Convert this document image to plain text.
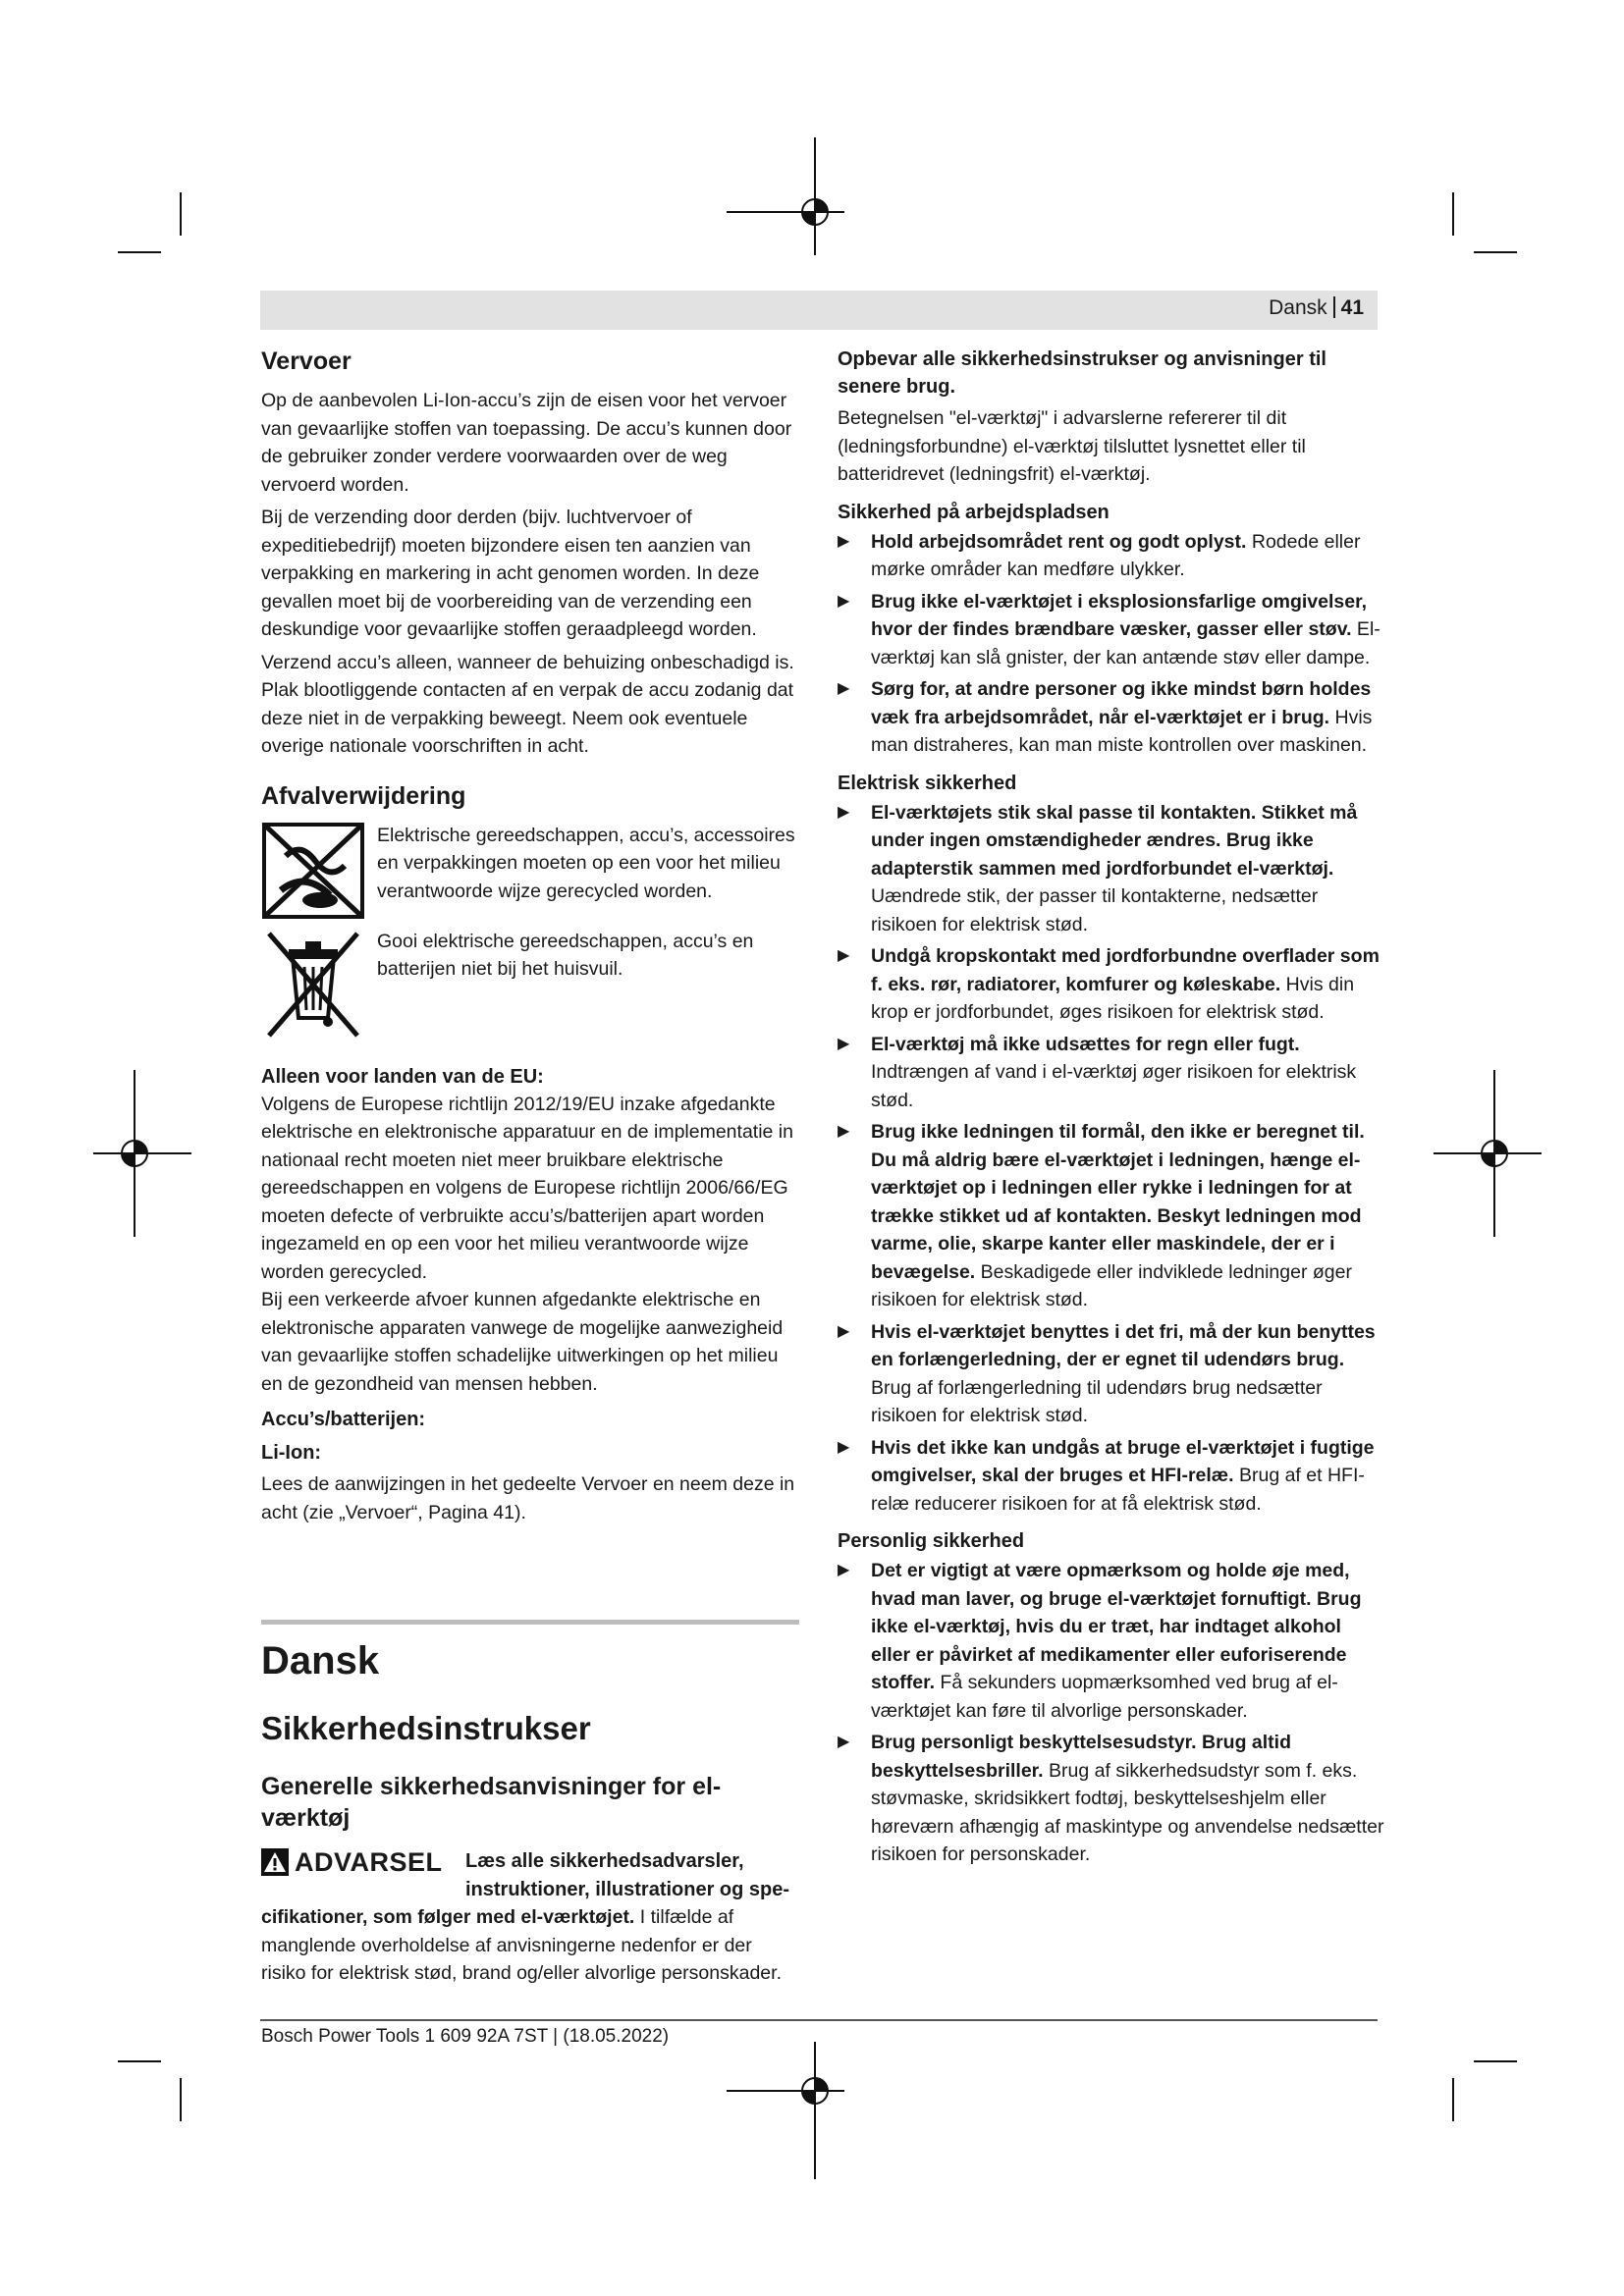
Dansk 41
Vervoer

Op de aanbevolen Li-Ion-accu’s zijn de eisen voor het vervoer van gevaarlijke stoffen van toepassing. De accu’s kunnen door de gebruiker zonder verdere voorwaarden over de weg vervoerd worden.

Bij de verzending door derden (bijv. luchtvervoer of expeditiebedrijf) moeten bijzondere eisen ten aanzien van verpakking en markering in acht genomen worden. In deze gevallen moet bij de voorbereiding van de verzending een deskundige voor gevaarlijke stoffen geraadpleegd worden.

Verzend accu’s alleen, wanneer de behuizing onbeschadigd is. Plak blootliggende contacten af en verpak de accu zodanig dat deze niet in de verpakking beweegt. Neem ook eventuele overige nationale voorschriften in acht.

Afvalverwijdering
Elektrische gereedschappen, accu’s, accessoires en verpakkingen moeten op een voor het milieu verantwoorde wijze gerecycled worden.
Gooi elektrische gereedschappen, accu’s en batterijen niet bij het huisvuil.
Alleen voor landen van de EU:

Volgens de Europese richtlijn 2012/19/EU inzake afgedankte elektrische en elektronische apparatuur en de implementatie in nationaal recht moeten niet meer bruikbare elektrische gereedschappen en volgens de Europese richtlijn 2006/66/EG moeten defecte of verbruikte accu’s/batterijen apart worden ingezameld en op een voor het milieu verantwoorde wijze worden gerecycled.

Bij een verkeerde afvoer kunnen afgedankte elektrische en elektronische apparaten vanwege de mogelijke aanwezigheid van gevaarlijke stoffen schadelijke uitwerkingen op het milieu en de gezondheid van mensen hebben.

Accu’s/batterijen:
Li-Ion:

Lees de aanwijzingen in het gedeelte Vervoer en neem deze in acht (zie „Vervoer“, Pagina 41).

Dansk
Sikkerhedsinstrukser
Generelle sikkerhedsanvisninger for el-værktøj
ADVARSEL Læs alle sikkerhedsadvarsler, instruktioner, illustrationer og spe-

cifikationer, som følger med el-værktøjet. I tilfælde af manglende overholdelse af anvisningerne nedenfor er der risiko for elektrisk stød, brand og/eller alvorlige personskader.

Opbevar alle sikkerhedsinstrukser og anvisninger til senere brug.

Betegnelsen "el-værktøj" i advarslerne refererer til dit (ledningsforbundne) el-værktøj tilsluttet lysnettet eller til batteridrevet (ledningsfrit) el-værktøj.

Sikkerhed på arbejdspladsen
▶	Hold arbejdsområdet rent og godt oplyst. Rodede eller mørke områder kan medføre ulykker.
▶	Brug ikke el-værktøjet i eksplosionsfarlige omgivelser, hvor der findes brændbare væsker, gasser eller støv. El-værktøj kan slå gnister, der kan antænde støv eller dampe.
▶	Sørg for, at andre personer og ikke mindst børn holdes væk fra arbejdsområdet, når el-værktøjet er i brug. Hvis man distraheres, kan man miste kontrollen over maskinen.
Elektrisk sikkerhed
▶	El-værktøjets stik skal passe til kontakten. Stikket må under ingen omstændigheder ændres. Brug ikke adapterstik sammen med jordforbundet el-værktøj. Uændrede stik, der passer til kontakterne, nedsætter risikoen for elektrisk stød.
▶	Undgå kropskontakt med jordforbundne overflader som f. eks. rør, radiatorer, komfurer og køleskabe. Hvis din krop er jordforbundet, øges risikoen for elektrisk stød.
▶	El-værktøj må ikke udsættes for regn eller fugt. Indtrængen af vand i el-værktøj øger risikoen for elektrisk stød.
▶	Brug ikke ledningen til formål, den ikke er beregnet til. Du må aldrig bære el-værktøjet i ledningen, hænge el-værktøjet op i ledningen eller rykke i ledningen for at trække stikket ud af kontakten. Beskyt ledningen mod varme, olie, skarpe kanter eller maskindele, der er i bevægelse. Beskadigede eller indviklede ledninger øger risikoen for elektrisk stød.
▶	Hvis el-værktøjet benyttes i det fri, må der kun benyttes en forlængerledning, der er egnet til udendørs brug. Brug af forlængerledning til udendørs brug nedsætter risikoen for elektrisk stød.
▶	Hvis det ikke kan undgås at bruge el-værktøjet i fugtige omgivelser, skal der bruges et HFI-relæ. Brug af et HFI-relæ reducerer risikoen for at få elektrisk stød.
Personlig sikkerhed
▶	Det er vigtigt at være opmærksom og holde øje med, hvad man laver, og bruge el-værktøjet fornuftigt. Brug ikke el-værktøj, hvis du er træt, har indtaget alkohol eller er påvirket af medikamenter eller euforiserende stoffer. Få sekunders uopmærksomhed ved brug af el-værktøjet kan føre til alvorlige personskader.
▶	Brug personligt beskyttelsesudstyr. Brug altid beskyttelsesbriller. Brug af sikkerhedsudstyr som f. eks. støvmaske, skridsikkert fodtøj, beskyttelseshjelm eller høreværn afhængig af maskintype og anvendelse nedsætter risikoen for personskader.
Bosch Power Tools 1 609 92A 7ST | (18.05.2022)
